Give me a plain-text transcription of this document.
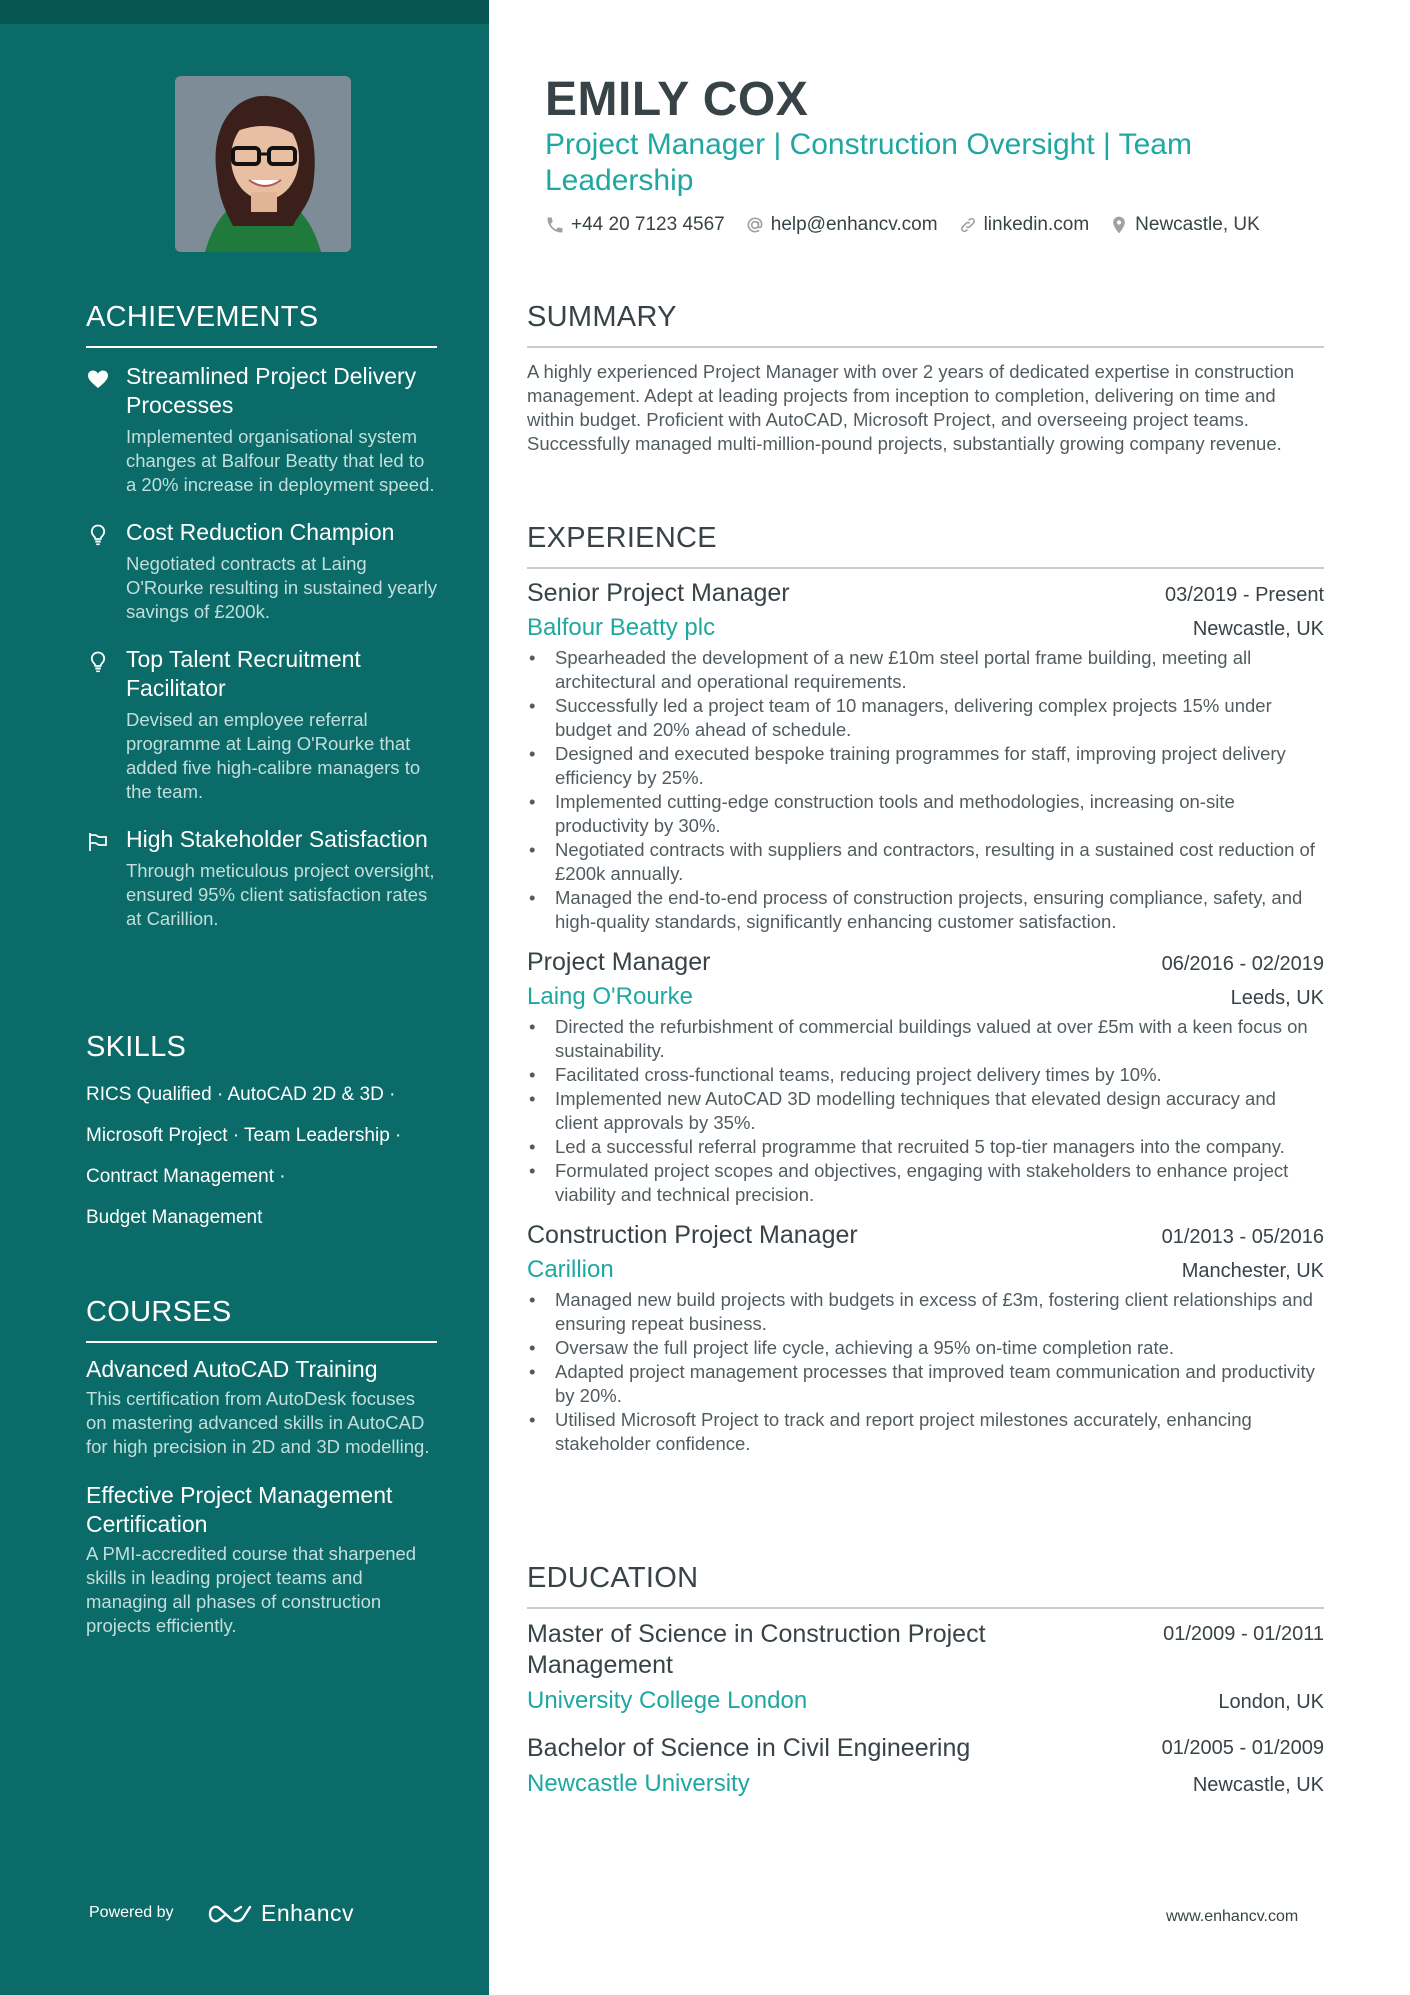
ACHIEVEMENTS
Streamlined Project Delivery Processes
Implemented organisational system changes at Balfour Beatty that led to a 20% increase in deployment speed.
Cost Reduction Champion
Negotiated contracts at Laing O'Rourke resulting in sustained yearly savings of £200k.
Top Talent Recruitment Facilitator
Devised an employee referral programme at Laing O'Rourke that added five high-calibre managers to the team.
High Stakeholder Satisfaction
Through meticulous project oversight, ensured 95% client satisfaction rates at Carillion.
SKILLS
RICS Qualified · AutoCAD 2D & 3D ·
Microsoft Project · Team Leadership ·
Contract Management ·
Budget Management
COURSES
Advanced AutoCAD Training
This certification from AutoDesk focuses on mastering advanced skills in AutoCAD for high precision in 2D and 3D modelling.
Effective Project Management Certification
A PMI-accredited course that sharpened skills in leading project teams and managing all phases of construction projects efficiently.
Powered by	Enhancv
EMILY COX
Project Manager | Construction Oversight | Team Leadership
+44 20 7123 4567 help@enhancv.com linkedin.com Newcastle, UK
SUMMARY
A highly experienced Project Manager with over 2 years of dedicated expertise in construction management. Adept at leading projects from inception to completion, delivering on time and within budget. Proficient with AutoCAD, Microsoft Project, and overseeing project teams. Successfully managed multi-million-pound projects, substantially growing company revenue.
EXPERIENCE
Senior Project Manager	03/2019 - Present
Balfour Beatty plc	Newcastle, UK
• Spearheaded the development of a new £10m steel portal frame building, meeting all architectural and operational requirements.
• Successfully led a project team of 10 managers, delivering complex projects 15% under budget and 20% ahead of schedule.
• Designed and executed bespoke training programmes for staff, improving project delivery efficiency by 25%.
• Implemented cutting-edge construction tools and methodologies, increasing on-site productivity by 30%.
• Negotiated contracts with suppliers and contractors, resulting in a sustained cost reduction of £200k annually.
• Managed the end-to-end process of construction projects, ensuring compliance, safety, and high-quality standards, significantly enhancing customer satisfaction.
Project Manager	06/2016 - 02/2019
Laing O'Rourke	Leeds, UK
• Directed the refurbishment of commercial buildings valued at over £5m with a keen focus on sustainability.
• Facilitated cross-functional teams, reducing project delivery times by 10%.
• Implemented new AutoCAD 3D modelling techniques that elevated design accuracy and client approvals by 35%.
• Led a successful referral programme that recruited 5 top-tier managers into the company.
• Formulated project scopes and objectives, engaging with stakeholders to enhance project viability and technical precision.
Construction Project Manager	01/2013 - 05/2016
Carillion	Manchester, UK
• Managed new build projects with budgets in excess of £3m, fostering client relationships and ensuring repeat business.
• Oversaw the full project life cycle, achieving a 95% on-time completion rate.
• Adapted project management processes that improved team communication and productivity by 20%.
• Utilised Microsoft Project to track and report project milestones accurately, enhancing stakeholder confidence.
EDUCATION
Master of Science in Construction Project Management
01/2009 - 01/2011
University College London	London, UK
Bachelor of Science in Civil Engineering	01/2005 - 01/2009
Newcastle University	Newcastle, UK
www.enhancv.com
